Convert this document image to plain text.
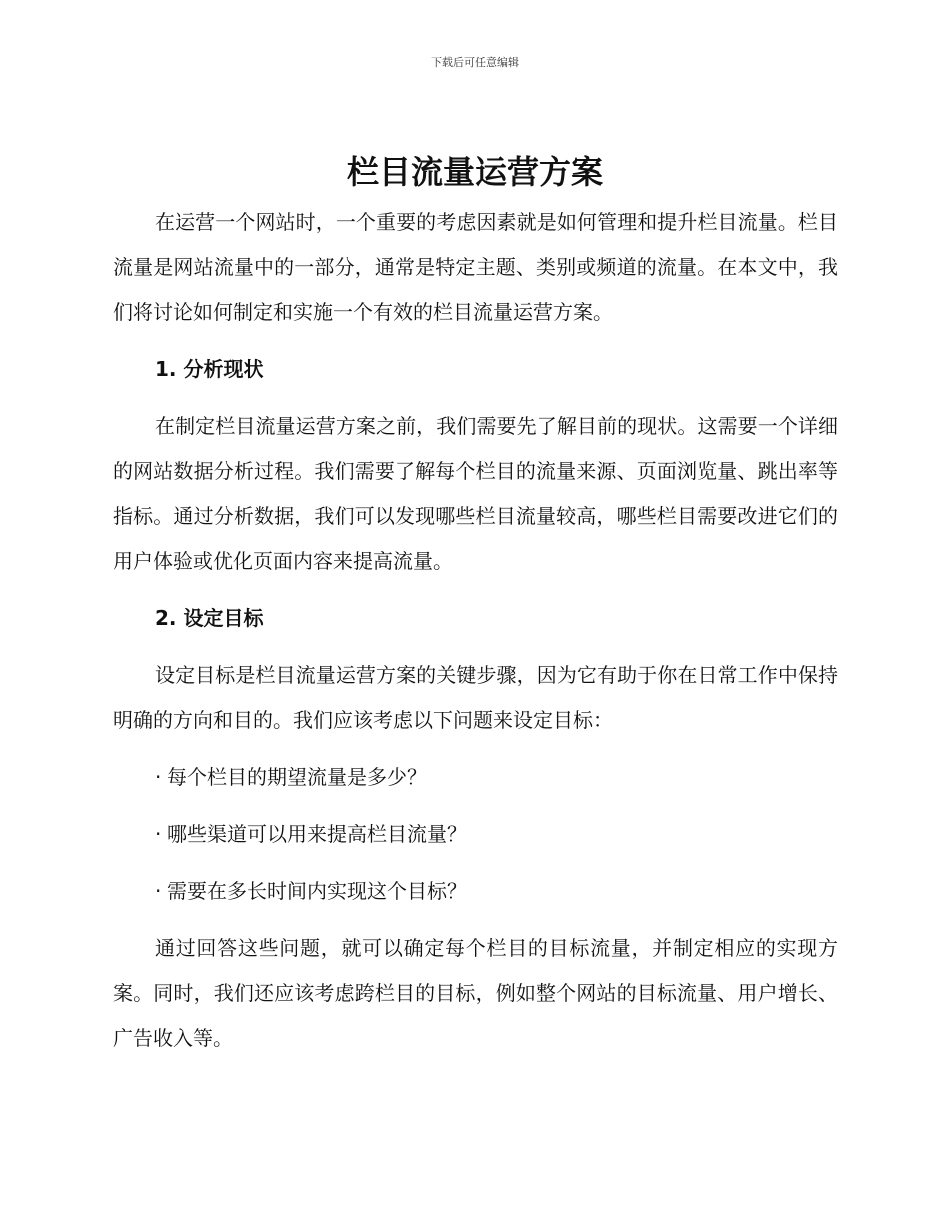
下载后可任意编辑
栏目流量运营方案

在运营一个网站时，一个重要的考虑因素就是如何管理和提升栏目流量。栏目流量是网站流量中的一部分，通常是特定主题、类别或频道的流量。在本文中，我们将讨论如何制定和实施一个有效的栏目流量运营方案。

1. 分析现状

在制定栏目流量运营方案之前，我们需要先了解目前的现状。这需要一个详细的网站数据分析过程。我们需要了解每个栏目的流量来源、页面浏览量、跳出率等指标。通过分析数据，我们可以发现哪些栏目流量较高，哪些栏目需要改进它们的用户体验或优化页面内容来提高流量。

2. 设定目标

设定目标是栏目流量运营方案的关键步骤，因为它有助于你在日常工作中保持明确的方向和目的。我们应该考虑以下问题来设定目标：

· 每个栏目的期望流量是多少？
· 哪些渠道可以用来提高栏目流量？
· 需要在多长时间内实现这个目标？

通过回答这些问题，就可以确定每个栏目的目标流量，并制定相应的实现方案。同时，我们还应该考虑跨栏目的目标，例如整个网站的目标流量、用户增长、广告收入等。
